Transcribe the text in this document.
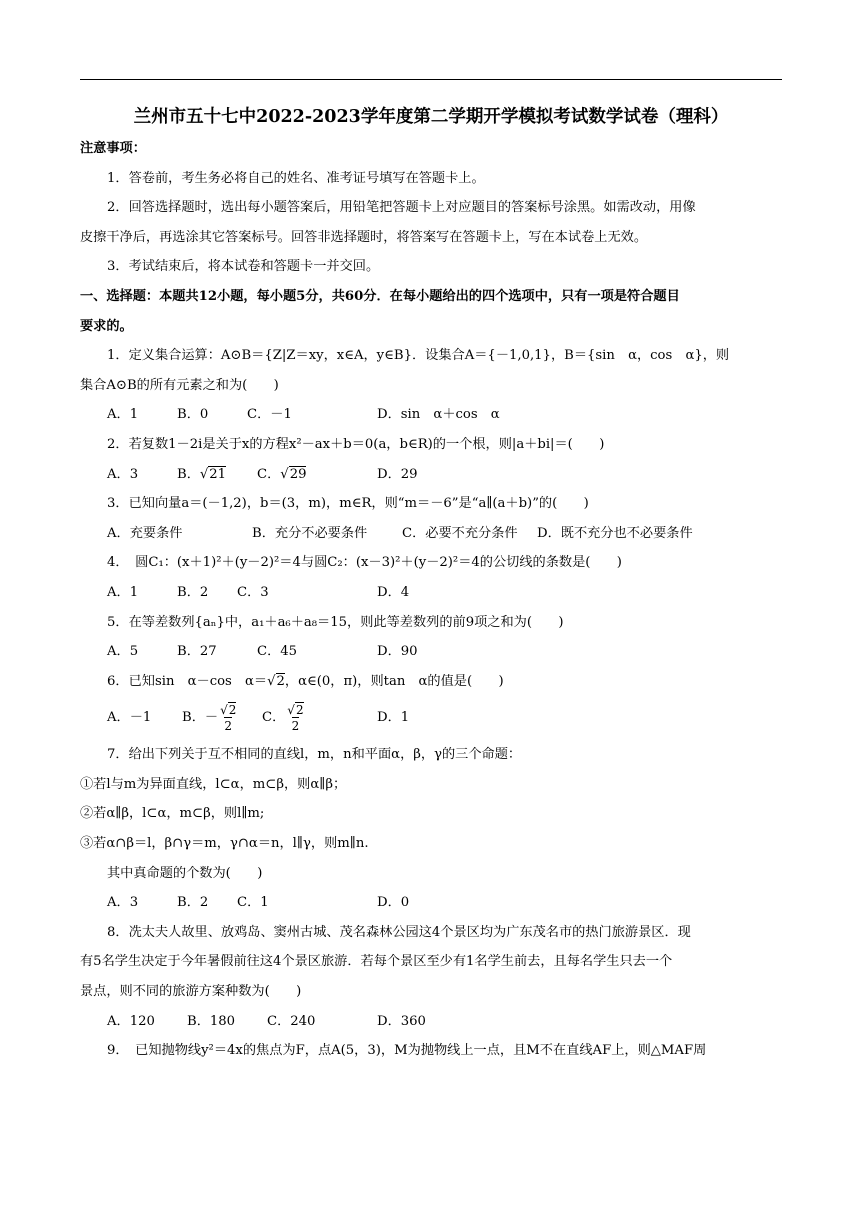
兰州市五十七中2022-2023学年度第二学期开学模拟考试数学试卷（理科）
注意事项：
1．答卷前，考生务必将自己的姓名、准考证号填写在答题卡上。
2．回答选择题时，选出每小题答案后，用铅笔把答题卡上对应题目的答案标号涂黑。如需改动，用像
皮擦干净后，再选涂其它答案标号。回答非选择题时，将答案写在答题卡上，写在本试卷上无效。
3．考试结束后，将本试卷和答题卡一并交回。
一、选择题：本题共12小题，每小题5分，共60分．在每小题给出的四个选项中，只有一项是符合题目
要求的。
1．定义集合运算：A⊙B＝{Z|Z＝xy，x∈A，y∈B}．设集合A＝{－1,0,1}，B＝{sin　α，cos　α}，则
集合A⊙B的所有元素之和为(　　)
A．1	B．0	C．－1	D．sin　α＋cos　α
2．若复数1－2i是关于x的方程x²－ax＋b＝0(a，b∈R)的一个根，则|a＋bi|＝(　　)
A．3	B．√21	C．√29	D．29
3．已知向量a＝(－1,2)，b＝(3，m)，m∈R，则“m＝－6”是“a∥(a＋b)”的(　　)
A．充要条件	B．充分不必要条件	C．必要不充分条件	D．既不充分也不必要条件
4．　圆C₁：(x＋1)²＋(y－2)²＝4与圆C₂：(x－3)²＋(y－2)²＝4的公切线的条数是(　　)
A．1	B．2	C．3	D．4
5．在等差数列{aₙ}中，a₁＋a₆＋a₈＝15，则此等差数列的前9项之和为(　　)
A．5	B．27	C．45	D．90
6．已知sin　α－cos　α＝√2，α∈(0，π)，则tan　α的值是(　　)
A．－1	B．－ $\frac{√2}{2}$ C． $\frac{√2}{2}$	D．1
7．给出下列关于互不相同的直线l，m，n和平面α，β，γ的三个命题：
①若l与m为异面直线，l⊂α，m⊂β，则α∥β；
②若α∥β，l⊂α，m⊂β，则l∥m;
③若α∩β＝l，β∩γ＝m，γ∩α＝n，l∥γ，则m∥n.
其中真命题的个数为(　　)
A．3	B．2	C．1	D．0
8．冼太夫人故里、放鸡岛、窦州古城、茂名森林公园这4个景区均为广东茂名市的热门旅游景区．现
有5名学生决定于今年暑假前往这4个景区旅游．若每个景区至少有1名学生前去，且每名学生只去一个
景点，则不同的旅游方案种数为(　　)
A．120	B．180	C．240	D．360
9．　已知抛物线y²＝4x的焦点为F，点A(5，3)，M为抛物线上一点，且M不在直线AF上，则△MAF周
